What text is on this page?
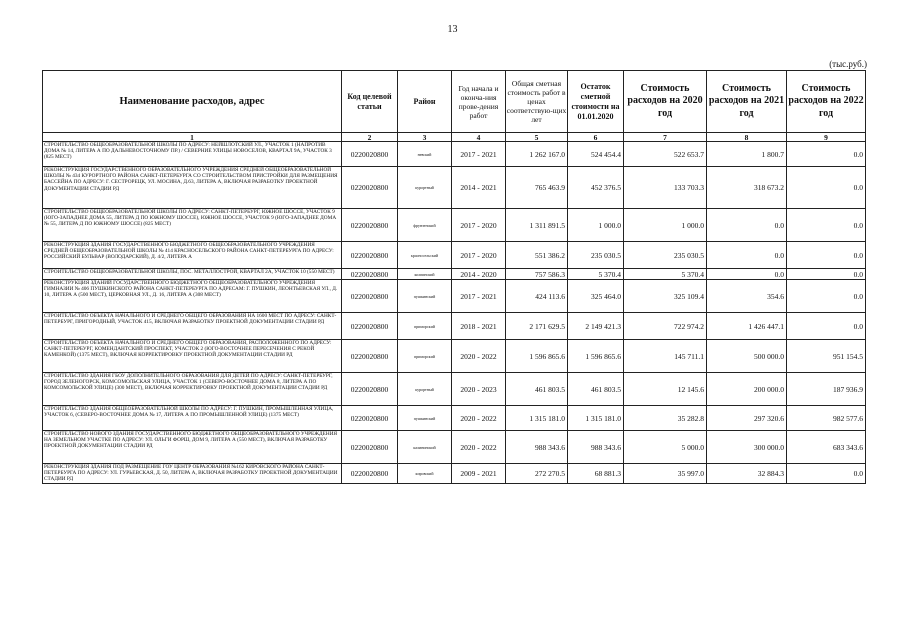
13
(тыс.руб.)
Наименование расходов, адрес	Код целевой статьи	Район	Год начала и оконча-ния прове-дения работ	Общая сметная стоимость работ в ценах соответствую-щих лет	Остаток сметной стоимости на 01.01.2020	Стоимость расходов на 2020 год	Стоимость расходов на 2021 год	Стоимость расходов на 2022 год
1	2	3	4	5	6	7	8	9
СТРОИТЕЛЬСТВО ОБЩЕОБРАЗОВАТЕЛЬНОЙ ШКОЛЫ ПО АДРЕСУ: НЕЙШЛОТСКИЙ УЛ., УЧАСТОК 1 (НАПРОТИВ ДОМА № 14, ЛИТЕРА А ПО ДАЛЬНЕВОСТОЧНОМУ ПР.) / СЕВЕРНИЕ УЛИЦЫ НОВОСЕЛОВ, КВАРТАЛ 9А, УЧАСТОК 3 (825 МЕСТ)	0220020800	невский	2017 - 2021	1 262 167.0	524 454.4	522 653.7	1 800.7	0.0
РЕКОНСТРУКЦИЯ ГОСУДАРСТВЕННОГО ОБРАЗОВАТЕЛЬНОГО УЧРЕЖДЕНИЯ СРЕДНЕЙ ОБЩЕОБРАЗОВАТЕЛЬНОЙ ШКОЛЫ № 434 КУРОРТНОГО РАЙОНА САНКТ-ПЕТЕРБУРГА СО СТРОИТЕЛЬСТВОМ ПРИСТРОЙКИ ДЛЯ РАЗМЕЩЕНИЯ БАССЕЙНА ПО АДРЕСУ: Г. СЕСТРОРЕЦК, УЛ. МОСИНА, Д.63, ЛИТЕРА А, ВКЛЮЧАЯ РАЗРАБОТКУ ПРОЕКТНОЙ ДОКУМЕНТАЦИИ СТАДИИ РД	0220020800	курортный	2014 - 2021	765 463.9	452 376.5	133 703.3	318 673.2	0.0
СТРОИТЕЛЬСТВО ОБЩЕОБРАЗОВАТЕЛЬНОЙ ШКОЛЫ ПО АДРЕСУ: САНКТ-ПЕТЕРБУРГ, ЮЖНОЕ ШОССЕ, УЧАСТОК 9 (ЮГО-ЗАПАДНЕЕ ДОМА 55, ЛИТЕРА Д ПО ЮЖНОМУ ШОССЕ), ЮЖНОЕ ШОССЕ, УЧАСТОК 9 (ЮГО-ЗАПАДНЕЕ ДОМА № 55, ЛИТЕРА Д ПО ЮЖНОМУ ШОССЕ) (825 МЕСТ)	0220020800	фрунзенский	2017 - 2020	1 311 891.5	1 000.0	1 000.0	0.0	0.0
РЕКОНСТРУКЦИЯ ЗДАНИЯ ГОСУДАРСТВЕННОГО БЮДЖЕТНОГО ОБЩЕОБРАЗОВАТЕЛЬНОГО УЧРЕЖДЕНИЯ СРЕДНЕЙ ОБЩЕОБРАЗОВАТЕЛЬНОЙ ШКОЛЫ № 414 КРАСНОСЕЛЬСКОГО РАЙОНА САНКТ-ПЕТЕРБУРГА ПО АДРЕСУ: РОССИЙСКИЙ БУЛЬВАР (ВОЛОДАРСКИЙ), Д. 4/2, ЛИТЕРА А	0220020800	красносельский	2017 - 2020	551 386.2	235 030.5	235 030.5	0.0	0.0
СТРОИТЕЛЬСТВО ОБЩЕОБРАЗОВАТЕЛЬНОЙ ШКОЛЫ, ПОС. МЕТАЛЛОСТРОЙ, КВАРТАЛ 2А, УЧАСТОК 10 (550 МЕСТ)	0220020800	колпинский	2014 - 2020	757 586.3	5 370.4	5 370.4	0.0	0.0
РЕКОНСТРУКЦИЯ ЗДАНИЙ ГОСУДАРСТВЕННОГО БЮДЖЕТНОГО ОБЩЕОБРАЗОВАТЕЛЬНОГО УЧРЕЖДЕНИЯ ГИМНАЗИИ № 406 ПУШКИНСКОГО РАЙОНА САНКТ-ПЕТЕРБУРГА ПО АДРЕСАМ: Г. ПУШКИН, ЛЕОНТЬЕВСКАЯ УЛ., Д. 10, ЛИТЕРА А (500 МЕСТ), ЦЕРКОВНАЯ УЛ., Д. 16, ЛИТЕРА А (308 МЕСТ)	0220020800	пушкинский	2017 - 2021	424 113.6	325 464.0	325 109.4	354.6	0.0
СТРОИТЕЛЬСТВО ОБЪЕКТА НАЧАЛЬНОГО И СРЕДНЕГО ОБЩЕГО ОБРАЗОВАНИЯ НА 1600 МЕСТ ПО АДРЕСУ: САНКТ-ПЕТЕРБУРГ, ПРИГОРОДНЫЙ, УЧАСТОК 415, ВКЛЮЧАЯ РАЗРАБОТКУ ПРОЕКТНОЙ ДОКУМЕНТАЦИИ СТАДИИ РД	0220020800	приморский	2018 - 2021	2 171 629.5	2 149 421.3	722 974.2	1 426 447.1	0.0
СТРОИТЕЛЬСТВО ОБЪЕКТА НАЧАЛЬНОГО И СРЕДНЕГО ОБЩЕГО ОБРАЗОВАНИЯ, РАСПОЛОЖЕННОГО ПО АДРЕСУ: САНКТ-ПЕТЕРБУРГ, КОМЕНДАНТСКИЙ ПРОСПЕКТ, УЧАСТОК 2 (ЮГО-ВОСТОЧНЕЕ ПЕРЕСЕЧЕНИЯ С РЕКОЙ КАМЕНКОЙ) (1375 МЕСТ), ВКЛЮЧАЯ КОРРЕКТИРОВКУ ПРОЕКТНОЙ ДОКУМЕНТАЦИИ СТАДИИ РД	0220020800	приморский	2020 - 2022	1 596 865.6	1 596 865.6	145 711.1	500 000.0	951 154.5
СТРОИТЕЛЬСТВО ЗДАНИЯ ГБОУ ДОПОЛНИТЕЛЬНОГО ОБРАЗОВАНИЯ ДЛЯ ДЕТЕЙ ПО АДРЕСУ: САНКТ-ПЕТЕРБУРГ, ГОРОД ЗЕЛЕНОГОРСК, КОМСОМОЛЬСКАЯ УЛИЦА, УЧАСТОК 1 (СЕВЕРО-ВОСТОЧНЕЕ ДОМА 8, ЛИТЕРА А ПО КОМСОМОЛЬСКОЙ УЛИЦЕ) (300 МЕСТ), ВКЛЮЧАЯ КОРРЕКТИРОВКУ ПРОЕКТНОЙ ДОКУМЕНТАЦИИ СТАДИИ РД	0220020800	курортный	2020 - 2023	461 803.5	461 803.5	12 145.6	200 000.0	187 936.9
СТРОИТЕЛЬСТВО ЗДАНИЯ ОБЩЕОБРАЗОВАТЕЛЬНОЙ ШКОЛЫ ПО АДРЕСУ: Г. ПУШКИН, ПРОМЫШЛЕННАЯ УЛИЦА, УЧАСТОК 6, (СЕВЕРО-ВОСТОЧНЕЕ ДОМА № 17, ЛИТЕРА А ПО ПРОМЫШЛЕННОЙ УЛИЦЕ) (1375 МЕСТ)	0220020800	пушкинский	2020 - 2022	1 315 181.0	1 315 181.0	35 282.8	297 320.6	982 577.6
СТРОИТЕЛЬСТВО НОВОГО ЗДАНИЯ ГОСУДАРСТВЕННОГО БЮДЖЕТНОГО ОБЩЕОБРАЗОВАТЕЛЬНОГО УЧРЕЖДЕНИЯ НА ЗЕМЕЛЬНОМ УЧАСТКЕ ПО АДРЕСУ: УЛ. ОЛЬГИ ФОРШ, ДОМ 9, ЛИТЕРА А (550 МЕСТ), ВКЛЮЧАЯ РАЗРАБОТКУ ПРОЕКТНОЙ ДОКУМЕНТАЦИИ СТАДИИ РД	0220020800	калининский	2020 - 2022	988 343.6	988 343.6	5 000.0	300 000.0	683 343.6
РЕКОНСТРУКЦИЯ ЗДАНИЯ ПОД РАЗМЕЩЕНИЕ ГОУ ЦЕНТР ОБРАЗОВАНИЯ №162 КИРОВСКОГО РАЙОНА САНКТ-ПЕТЕРБУРГА ПО АДРЕСУ: УЛ. ГУРЬЕВСКАЯ, Д. 50, ЛИТЕРА А, ВКЛЮЧАЯ РАЗРАБОТКУ ПРОЕКТНОЙ ДОКУМЕНТАЦИИ СТАДИИ РД	0220020800	кировский	2009 - 2021	272 270.5	68 881.3	35 997.0	32 884.3	0.0
